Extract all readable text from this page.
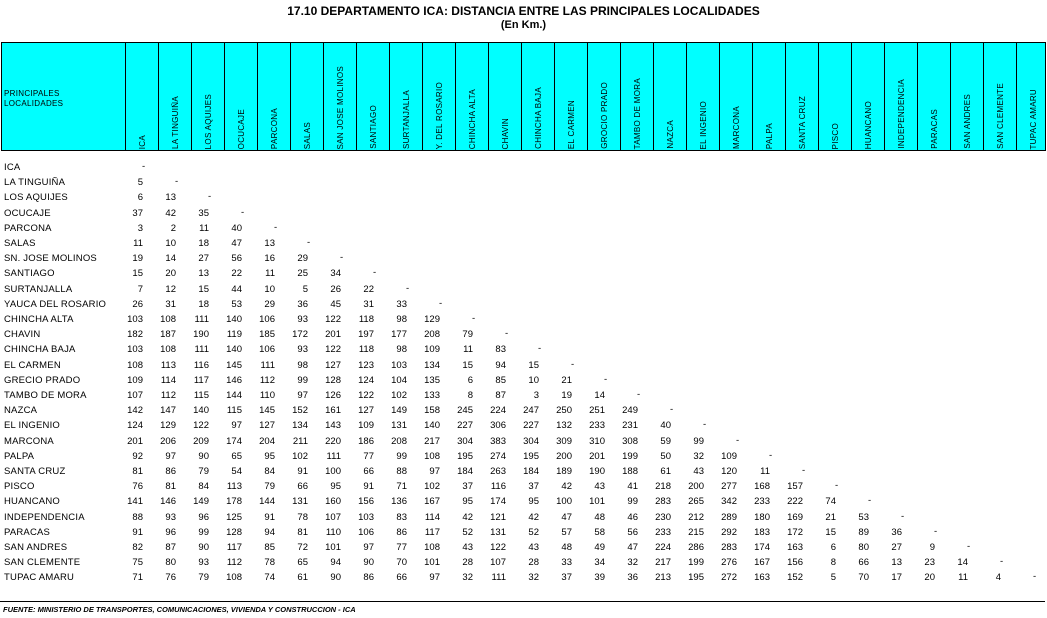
17.10 DEPARTAMENTO ICA: DISTANCIA ENTRE LAS PRINCIPALES LOCALIDADES
(En Km.)
PRINCIPALES
LOCALIDADES
ICA	LA TINGUIÑA	LOS AQUIJES	OCUCAJE	PARCONA	SALAS	SAN JOSE MOLINOS	SANTIAGO	SURTANJALLA	Y. DEL ROSARIO	CHINCHA ALTA	CHAVIN	CHINCHA BAJA	EL CARMEN	GROCIO PRADO	TAMBO DE MORA	NAZCA	EL INGENIO	MARCONA	PALPA	SANTA CRUZ	PISCO	HUANCANO	INDEPENDENCIA	PARACAS	SAN ANDRES	SAN CLEMENTE	TUPAC AMARU
ICA	-
LA TINGUIÑA	5	-
LOS AQUIJES	6	13	-
OCUCAJE	37	42	35	-
PARCONA	3	2	11	40	-
SALAS	11	10	18	47	13	-
SN. JOSE MOLINOS	19	14	27	56	16	29	-
SANTIAGO	15	20	13	22	11	25	34	-
SURTANJALLA	7	12	15	44	10	5	26	22	-
YAUCA DEL ROSARIO	26	31	18	53	29	36	45	31	33	-
CHINCHA ALTA	103	108	111	140	106	93	122	118	98	129	-
CHAVIN	182	187	190	119	185	172	201	197	177	208	79	-
CHINCHA BAJA	103	108	111	140	106	93	122	118	98	109	11	83	-
EL CARMEN	108	113	116	145	111	98	127	123	103	134	15	94	15	-
GRECIO PRADO	109	114	117	146	112	99	128	124	104	135	6	85	10	21	-
TAMBO DE MORA	107	112	115	144	110	97	126	122	102	133	8	87	3	19	14	-
NAZCA	142	147	140	115	145	152	161	127	149	158	245	224	247	250	251	249	-
EL INGENIO	124	129	122	97	127	134	143	109	131	140	227	306	227	132	233	231	40	-
MARCONA	201	206	209	174	204	211	220	186	208	217	304	383	304	309	310	308	59	99	-
PALPA	92	97	90	65	95	102	111	77	99	108	195	274	195	200	201	199	50	32	109	-
SANTA CRUZ	81	86	79	54	84	91	100	66	88	97	184	263	184	189	190	188	61	43	120	11	-
PISCO	76	81	84	113	79	66	95	91	71	102	37	116	37	42	43	41	218	200	277	168	157	-
HUANCANO	141	146	149	178	144	131	160	156	136	167	95	174	95	100	101	99	283	265	342	233	222	74	-
INDEPENDENCIA	88	93	96	125	91	78	107	103	83	114	42	121	42	47	48	46	230	212	289	180	169	21	53	-
PARACAS	91	96	99	128	94	81	110	106	86	117	52	131	52	57	58	56	233	215	292	183	172	15	89	36	-
SAN ANDRES	82	87	90	117	85	72	101	97	77	108	43	122	43	48	49	47	224	286	283	174	163	6	80	27	9	-
SAN CLEMENTE	75	80	93	112	78	65	94	90	70	101	28	107	28	33	34	32	217	199	276	167	156	8	66	13	23	14	-
TUPAC AMARU	71	76	79	108	74	61	90	86	66	97	32	111	32	37	39	36	213	195	272	163	152	5	70	17	20	11	4	-
FUENTE: MINISTERIO DE TRANSPORTES, COMUNICACIONES, VIVIENDA Y CONSTRUCCION - ICA
